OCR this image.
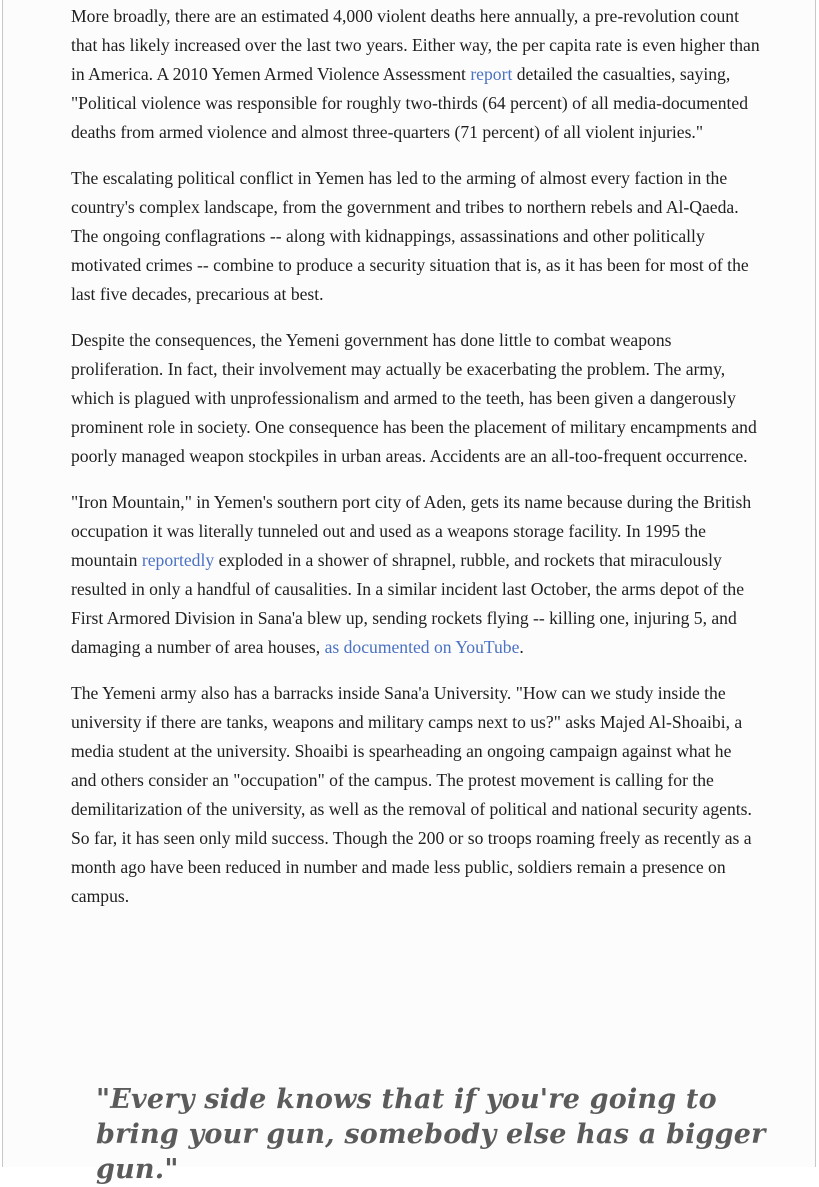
More broadly, there are an estimated 4,000 violent deaths here annually, a pre-revolution count that has likely increased over the last two years. Either way, the per capita rate is even higher than in America. A 2010 Yemen Armed Violence Assessment report detailed the casualties, saying, "Political violence was responsible for roughly two-thirds (64 percent) of all media-documented deaths from armed violence and almost three-quarters (71 percent) of all violent injuries."

The escalating political conflict in Yemen has led to the arming of almost every faction in the country's complex landscape, from the government and tribes to northern rebels and Al-Qaeda. The ongoing conflagrations -- along with kidnappings, assassinations and other politically motivated crimes -- combine to produce a security situation that is, as it has been for most of the last five decades, precarious at best.

Despite the consequences, the Yemeni government has done little to combat weapons proliferation. In fact, their involvement may actually be exacerbating the problem. The army, which is plagued with unprofessionalism and armed to the teeth, has been given a dangerously prominent role in society. One consequence has been the placement of military encampments and poorly managed weapon stockpiles in urban areas. Accidents are an all-too-frequent occurrence.

"Iron Mountain," in Yemen's southern port city of Aden, gets its name because during the British occupation it was literally tunneled out and used as a weapons storage facility. In 1995 the mountain reportedly exploded in a shower of shrapnel, rubble, and rockets that miraculously resulted in only a handful of causalities. In a similar incident last October, the arms depot of the First Armored Division in Sana'a blew up, sending rockets flying -- killing one, injuring 5, and damaging a number of area houses, as documented on YouTube.

The Yemeni army also has a barracks inside Sana'a University. "How can we study inside the university if there are tanks, weapons and military camps next to us?" asks Majed Al-Shoaibi, a media student at the university. Shoaibi is spearheading an ongoing campaign against what he and others consider an "occupation" of the campus. The protest movement is calling for the demilitarization of the university, as well as the removal of political and national security agents. So far, it has seen only mild success. Though the 200 or so troops roaming freely as recently as a month ago have been reduced in number and made less public, soldiers remain a presence on campus.

"Every side knows that if you're going to bring your gun, somebody else has a bigger gun."
